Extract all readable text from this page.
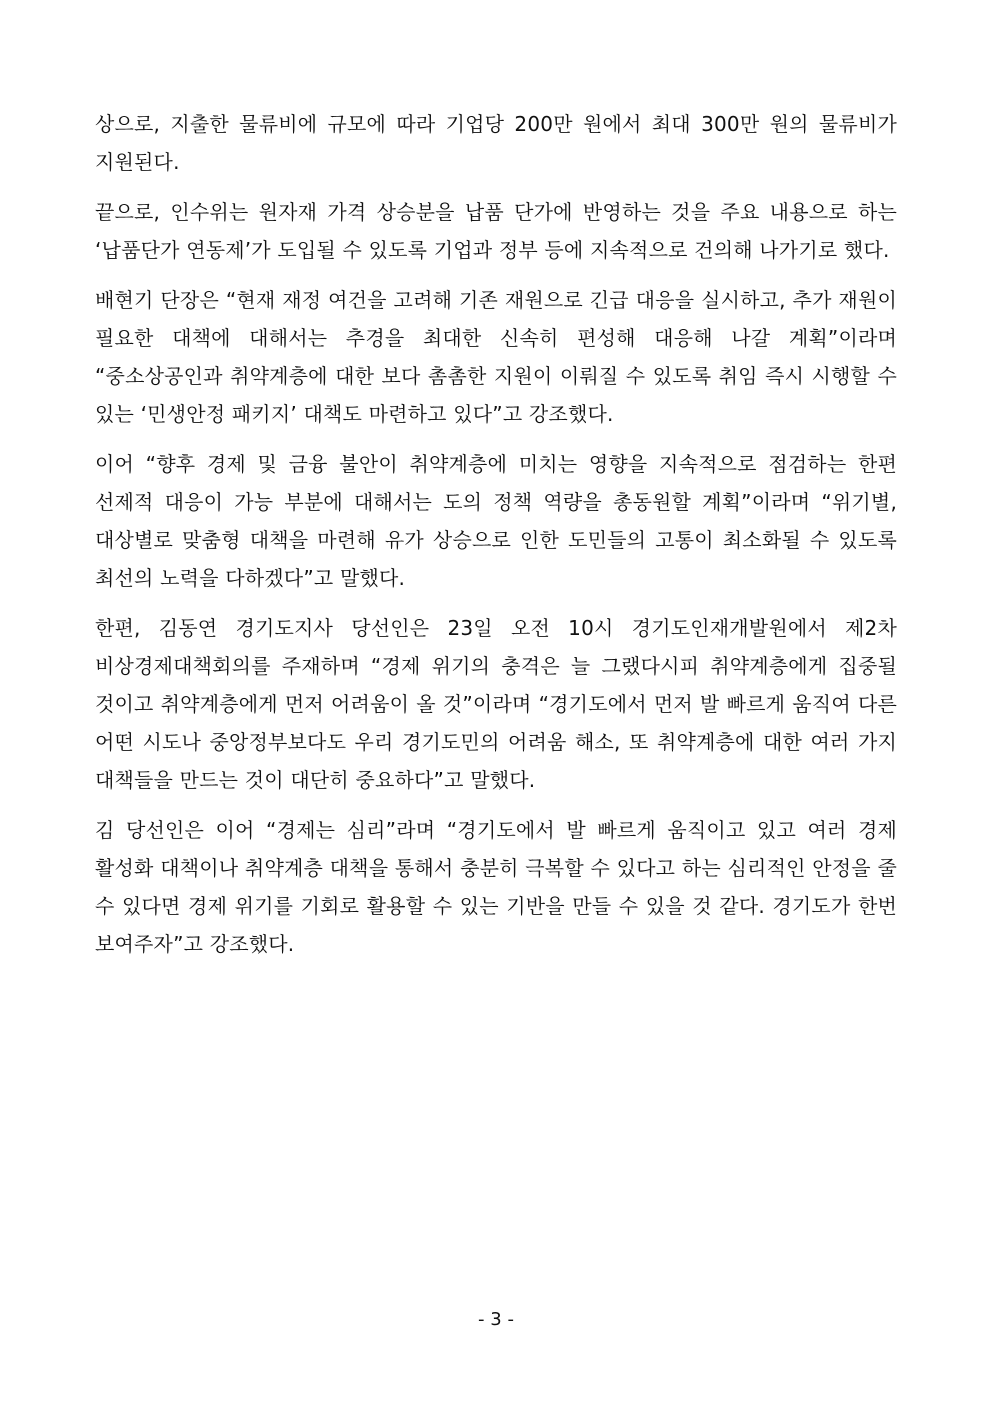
상으로, 지출한 물류비에 규모에 따라 기업당 200만 원에서 최대 300만 원의 물류비가 지원된다.

끝으로, 인수위는 원자재 가격 상승분을 납품 단가에 반영하는 것을 주요 내용으로 하는 ‘납품단가 연동제’가 도입될 수 있도록 기업과 정부 등에 지속적으로 건의해 나가기로 했다.

배현기 단장은 “현재 재정 여건을 고려해 기존 재원으로 긴급 대응을 실시하고, 추가 재원이 필요한 대책에 대해서는 추경을 최대한 신속히 편성해 대응해 나갈 계획”이라며 “중소상공인과 취약계층에 대한 보다 촘촘한 지원이 이뤄질 수 있도록 취임 즉시 시행할 수 있는 ‘민생안정 패키지’ 대책도 마련하고 있다”고 강조했다.

이어 “향후 경제 및 금융 불안이 취약계층에 미치는 영향을 지속적으로 점검하는 한편 선제적 대응이 가능 부분에 대해서는 도의 정책 역량을 총동원할 계획”이라며 “위기별, 대상별로 맞춤형 대책을 마련해 유가 상승으로 인한 도민들의 고통이 최소화될 수 있도록 최선의 노력을 다하겠다”고 말했다.

한편, 김동연 경기도지사 당선인은 23일 오전 10시 경기도인재개발원에서 제2차 비상경제대책회의를 주재하며 “경제 위기의 충격은 늘 그랬다시피 취약계층에게 집중될 것이고 취약계층에게 먼저 어려움이 올 것”이라며 “경기도에서 먼저 발 빠르게 움직여 다른 어떤 시도나 중앙정부보다도 우리 경기도민의 어려움 해소, 또 취약계층에 대한 여러 가지 대책들을 만드는 것이 대단히 중요하다”고 말했다.

김 당선인은 이어 “경제는 심리”라며 “경기도에서 발 빠르게 움직이고 있고 여러 경제 활성화 대책이나 취약계층 대책을 통해서 충분히 극복할 수 있다고 하는 심리적인 안정을 줄 수 있다면 경제 위기를 기회로 활용할 수 있는 기반을 만들 수 있을 것 같다. 경기도가 한번 보여주자”고 강조했다.

- 3 -
